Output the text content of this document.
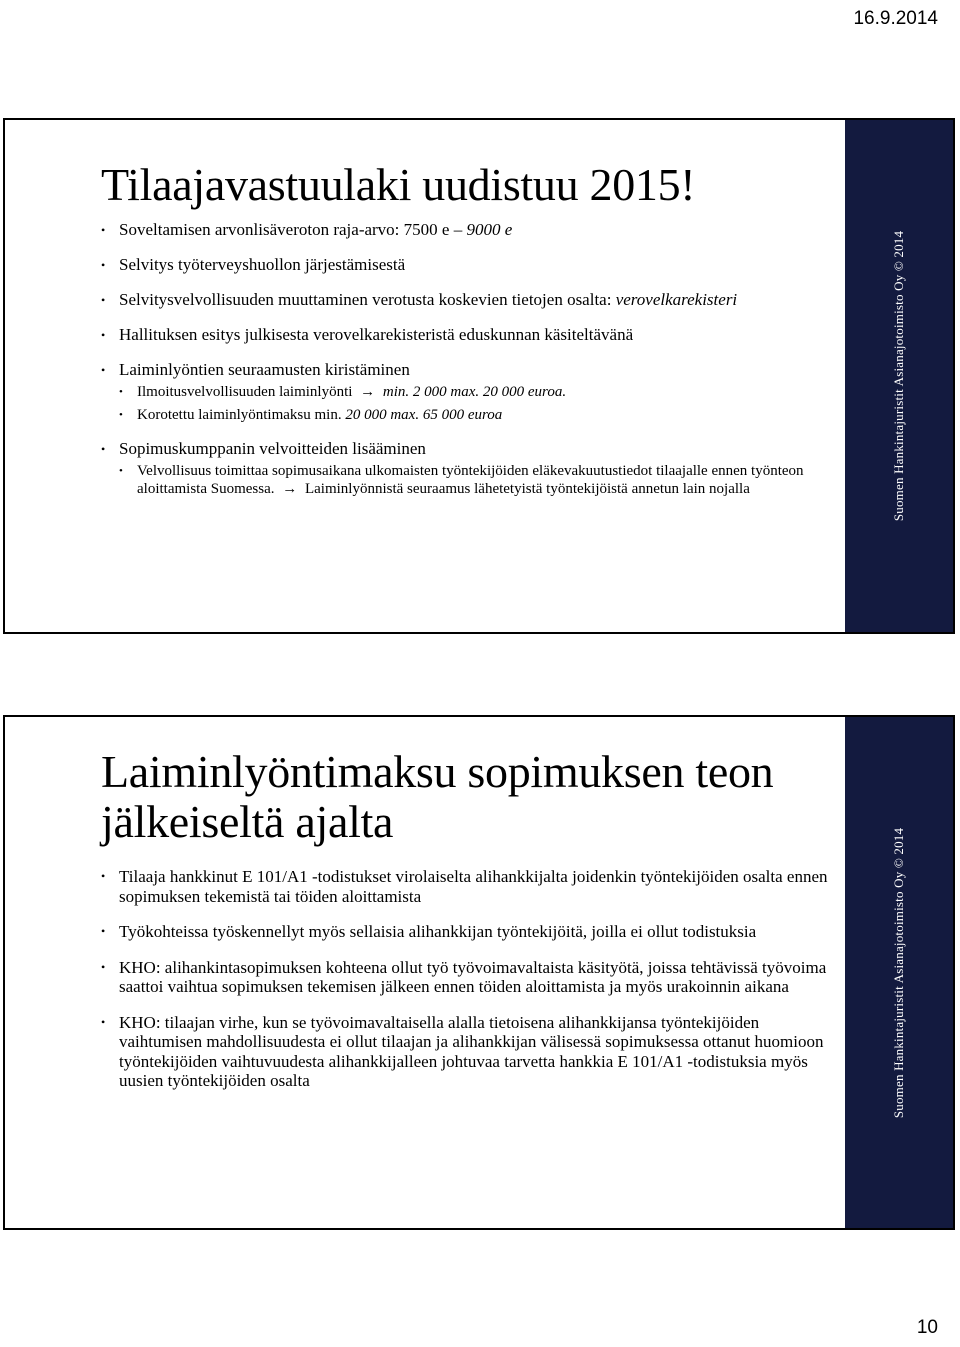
16.9.2014
Tilaajavastuulaki uudistuu 2015!
• Soveltamisen arvonlisäveroton raja-arvo: 7500 e – 9000 e
• Selvitys työterveyshuollon järjestämisestä
• Selvitysvelvollisuuden muuttaminen verotusta koskevien tietojen osalta: verovelkarekisteri
• Hallituksen esitys julkisesta verovelkarekisteristä eduskunnan käsiteltävänä
• Laiminlyöntien seuraamusten kiristäminen
• Ilmoitusvelvollisuuden laiminlyönti → min. 2 000 max. 20 000 euroa.
• Korotettu laiminlyöntimaksu min. 20 000 max. 65 000 euroa
• Sopimuskumppanin velvoitteiden lisääminen
• Velvollisuus toimittaa sopimusaikana ulkomaisten työntekijöiden eläkevakuutustiedot tilaajalle ennen työnteon aloittamista Suomessa. → Laiminlyönnistä seuraamus lähetetyistä työntekijöistä annetun lain nojalla	Suomen Hankintajuristit Asianajotoimisto Oy © 2014
Laiminlyöntimaksu sopimuksen teon jälkeiseltä ajalta
• Tilaaja hankkinut E 101/A1 -todistukset virolaiselta alihankkijalta joidenkin työntekijöiden osalta ennen sopimuksen tekemistä tai töiden aloittamista
• Työkohteissa työskennellyt myös sellaisia alihankkijan työntekijöitä, joilla ei ollut todistuksia
• KHO: alihankintasopimuksen kohteena ollut työ työvoimavaltaista käsityötä, joissa tehtävissä työvoima saattoi vaihtua sopimuksen tekemisen jälkeen ennen töiden aloittamista ja myös urakoinnin aikana
• KHO: tilaajan virhe, kun se työvoimavaltaisella alalla tietoisena alihankkijansa työntekijöiden vaihtumisen mahdollisuudesta ei ollut tilaajan ja alihankkijan välisessä sopimuksessa ottanut huomioon työntekijöiden vaihtuvuudesta alihankkijalleen johtuvaa tarvetta hankkia E 101/A1 -todistuksia myös uusien työntekijöiden osalta	Suomen Hankintajuristit Asianajotoimisto Oy © 2014
10
